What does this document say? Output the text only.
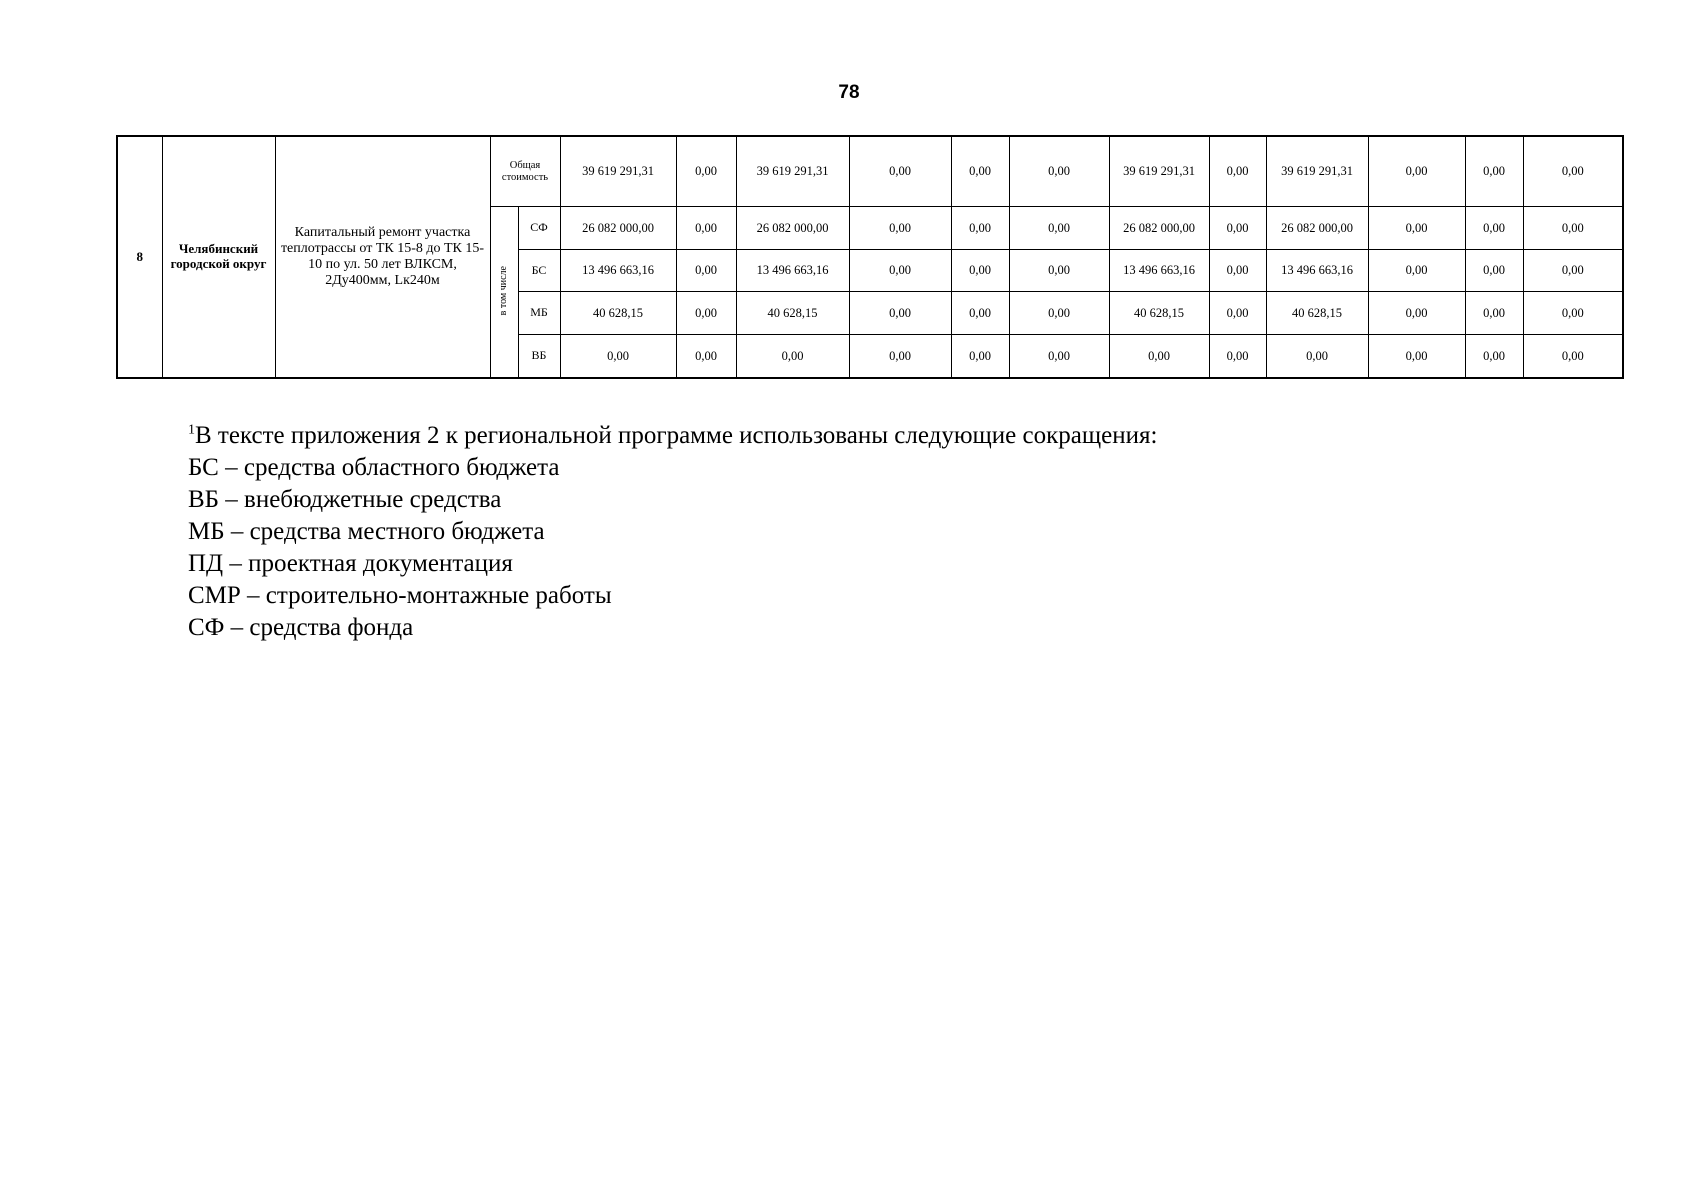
78
8	Челябинский городской округ	Капитальный ремонт участка теплотрассы от ТК 15-8 до ТК 15-10 по ул. 50 лет ВЛКСМ, 2Ду400мм, Lк240м	Общая стоимость		39 619 291,31	0,00	39 619 291,31	0,00	0,00	0,00	39 619 291,31	0,00	39 619 291,31	0,00	0,00	0,00
			в том числе	СФ	26 082 000,00	0,00	26 082 000,00	0,00	0,00	0,00	26 082 000,00	0,00	26 082 000,00	0,00	0,00	0,00
				БС	13 496 663,16	0,00	13 496 663,16	0,00	0,00	0,00	13 496 663,16	0,00	13 496 663,16	0,00	0,00	0,00
				МБ	40 628,15	0,00	40 628,15	0,00	0,00	0,00	40 628,15	0,00	40 628,15	0,00	0,00	0,00
				ВБ	0,00	0,00	0,00	0,00	0,00	0,00	0,00	0,00	0,00	0,00	0,00	0,00
$^1$В тексте приложения 2 к региональной программе использованы следующие сокращения:
БС – средства областного бюджета
ВБ – внебюджетные средства
МБ – средства местного бюджета
ПД – проектная документация
СМР – строительно-монтажные работы
СФ – средства фонда
